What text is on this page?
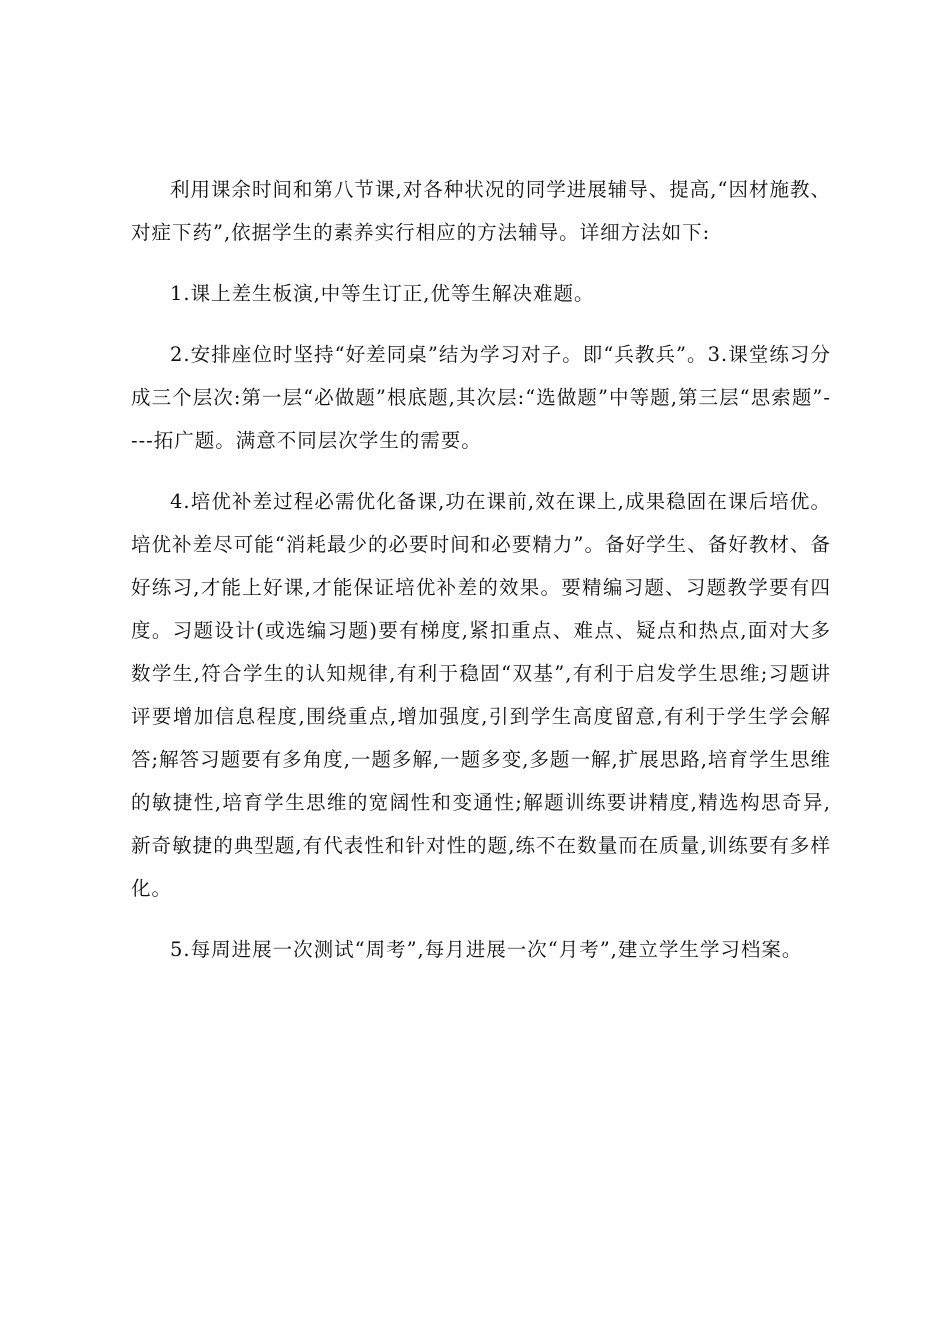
利用课余时间和第八节课,对各种状况的同学进展辅导、提高,“因材施教、对症下药”,依据学生的素养实行相应的方法辅导。详细方法如下:

1.课上差生板演,中等生订正,优等生解决难题。

2.安排座位时坚持“好差同桌”结为学习对子。即“兵教兵”。3.课堂练习分成三个层次:第一层“必做题”根底题,其次层:“选做题”中等题,第三层“思索题”----拓广题。满意不同层次学生的需要。

4.培优补差过程必需优化备课,功在课前,效在课上,成果稳固在课后培优。培优补差尽可能“消耗最少的必要时间和必要精力”。备好学生、备好教材、备好练习,才能上好课,才能保证培优补差的效果。要精编习题、习题教学要有四度。习题设计(或选编习题)要有梯度,紧扣重点、难点、疑点和热点,面对大多数学生,符合学生的认知规律,有利于稳固“双基”,有利于启发学生思维;习题讲评要增加信息程度,围绕重点,增加强度,引到学生高度留意,有利于学生学会解答;解答习题要有多角度,一题多解,一题多变,多题一解,扩展思路,培育学生思维的敏捷性,培育学生思维的宽阔性和变通性;解题训练要讲精度,精选构思奇异,新奇敏捷的典型题,有代表性和针对性的题,练不在数量而在质量,训练要有多样化。

5.每周进展一次测试“周考”,每月进展一次“月考”,建立学生学习档案。
